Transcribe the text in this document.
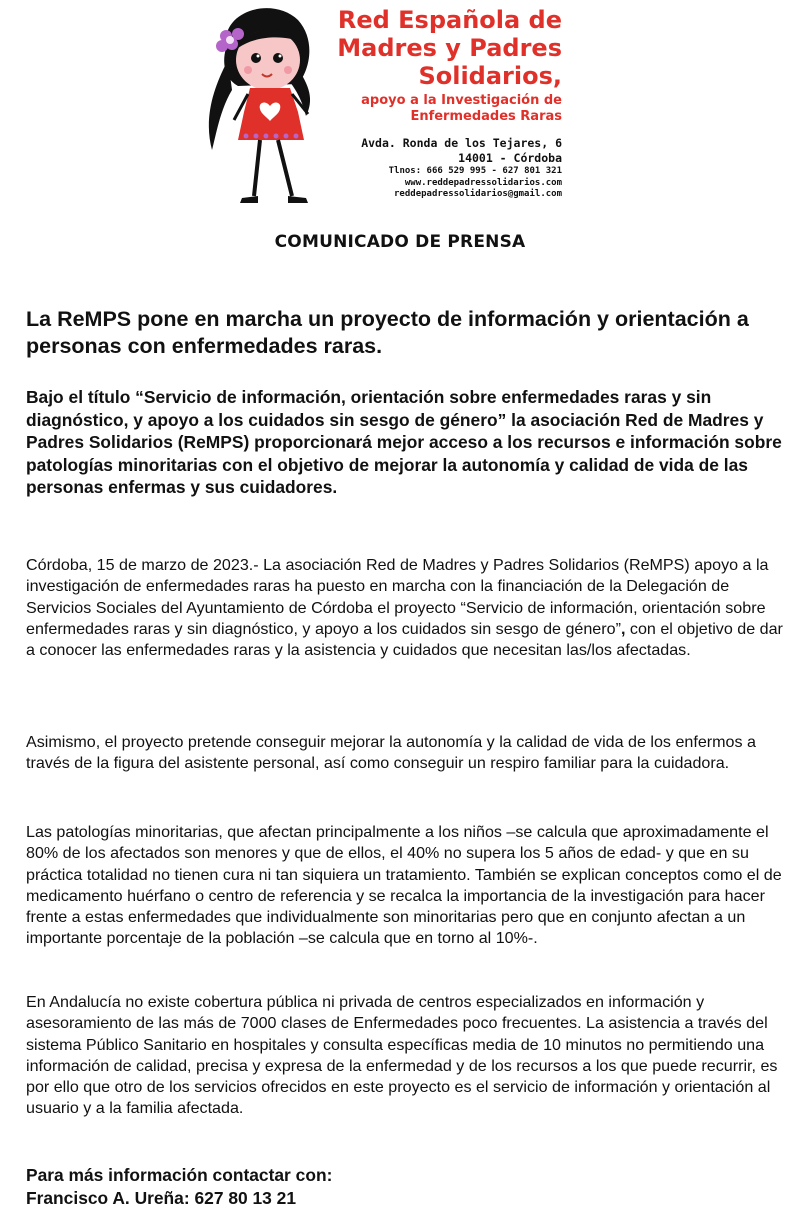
Red Española de
Madres y Padres
Solidarios,
apoyo a la Investigación de
Enfermedades Raras
Avda. Ronda de los Tejares, 6
14001 - Córdoba
Tlnos: 666 529 995 - 627 801 321
www.reddepadressolidarios.com
reddepadressolidarios@gmail.com
COMUNICADO DE PRENSA
La ReMPS pone en marcha un proyecto de información y orientación a personas con enfermedades raras.

Bajo el título “Servicio de información, orientación sobre enfermedades raras y sin diagnóstico, y apoyo a los cuidados sin sesgo de género” la asociación Red de Madres y Padres Solidarios (ReMPS) proporcionará mejor acceso a los recursos e información sobre patologías minoritarias con el objetivo de mejorar la autonomía y calidad de vida de las personas enfermas y sus cuidadores.

Córdoba, 15 de marzo de 2023.- La asociación Red de Madres y Padres Solidarios (ReMPS) apoyo a la investigación de enfermedades raras ha puesto en marcha con la financiación de la Delegación de Servicios Sociales del Ayuntamiento de Córdoba el proyecto “Servicio de información, orientación sobre enfermedades raras y sin diagnóstico, y apoyo a los cuidados sin sesgo de género”, con el objetivo de dar a conocer las enfermedades raras y la asistencia y cuidados que necesitan las/los afectadas.

Asimismo, el proyecto pretende conseguir mejorar la autonomía y la calidad de vida de los enfermos a través de la figura del asistente personal, así como conseguir un respiro familiar para la cuidadora.

Las patologías minoritarias, que afectan principalmente a los niños –se calcula que aproximadamente el 80% de los afectados son menores y que de ellos, el 40% no supera los 5 años de edad- y que en su práctica totalidad no tienen cura ni tan siquiera un tratamiento. También se explican conceptos como el de medicamento huérfano o centro de referencia y se recalca la importancia de la investigación para hacer frente a estas enfermedades que individualmente son minoritarias pero que en conjunto afectan a un importante porcentaje de la población –se calcula que en torno al 10%-.

En Andalucía no existe cobertura pública ni privada de centros especializados en información y asesoramiento de las más de 7000 clases de Enfermedades poco frecuentes. La asistencia a través del sistema Público Sanitario en hospitales y consulta específicas media de 10 minutos no permitiendo una información de calidad, precisa y expresa de la enfermedad y de los recursos a los que puede recurrir, es por ello que otro de los servicios ofrecidos en este proyecto es el servicio de información y orientación al usuario y a la familia afectada.

Para más información contactar con:
Francisco A. Ureña: 627 80 13 21
